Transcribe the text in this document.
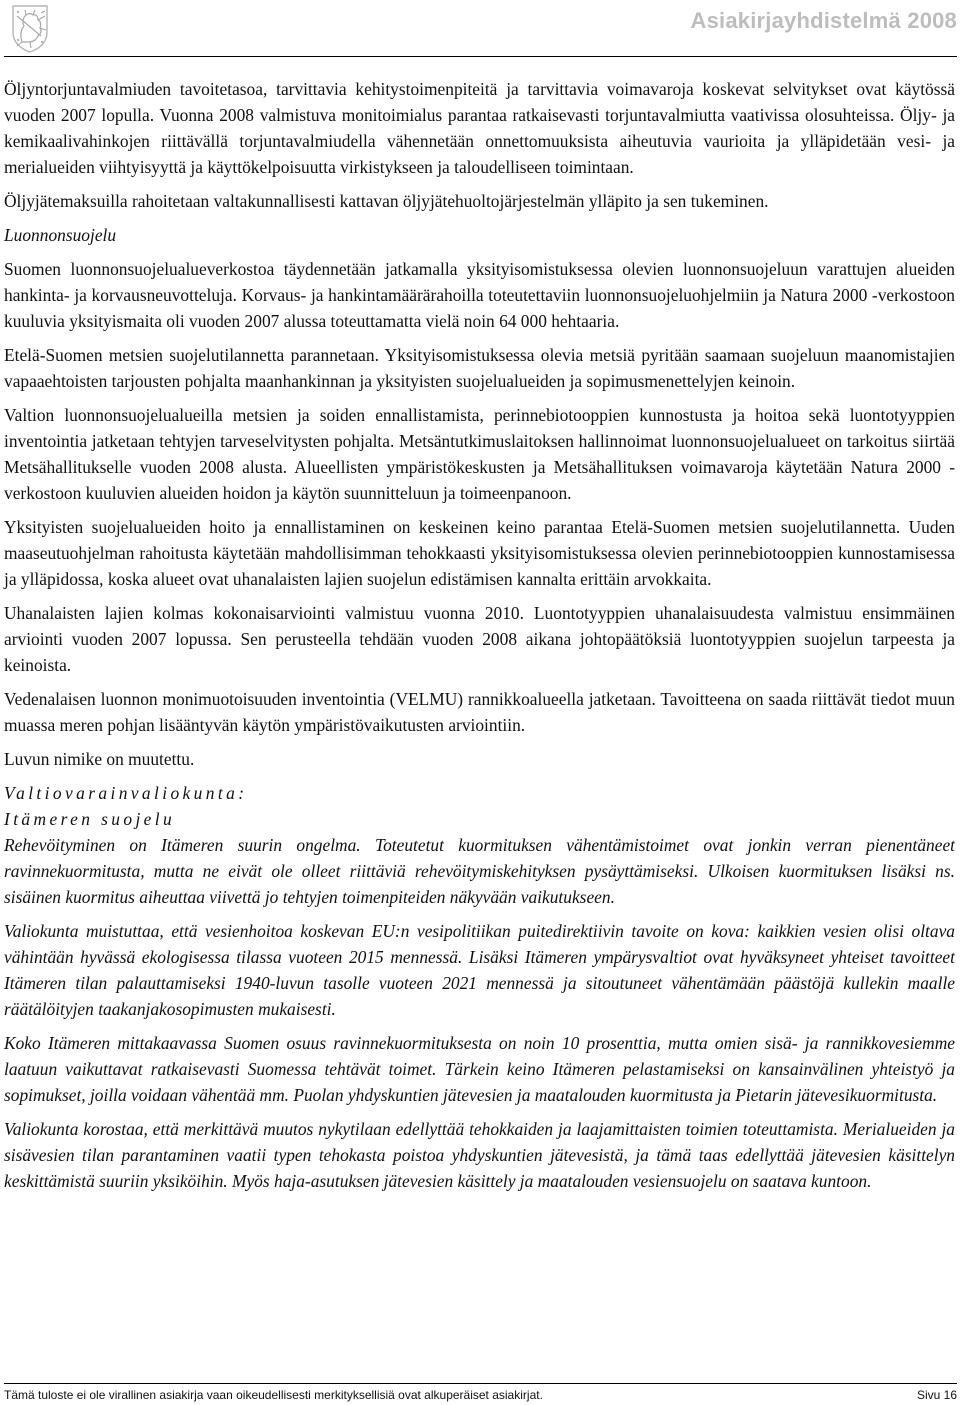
Asiakirjayhdistelmä 2008

Öljyntorjuntavalmiuden tavoitetasoa, tarvittavia kehitystoimenpiteitä ja tarvittavia voimavaroja koskevat selvitykset ovat käytössä vuoden 2007 lopulla. Vuonna 2008 valmistuva monitoimialus parantaa ratkaisevasti torjuntavalmiutta vaativissa olosuhteissa. Öljy- ja kemikaalivahinkojen riittävällä torjuntavalmiudella vähennetään onnettomuuksista aiheutuvia vaurioita ja ylläpidetään vesi- ja merialueiden viihtyisyyttä ja käyttökelpoisuutta virkistykseen ja taloudelliseen toimintaan.

Öljyjätemaksuilla rahoitetaan valtakunnallisesti kattavan öljyjätehuoltojärjestelmän ylläpito ja sen tukeminen.

Luonnonsuojelu

Suomen luonnonsuojelualueverkostoa täydennetään jatkamalla yksityisomistuksessa olevien luonnonsuojeluun varattujen alueiden hankinta- ja korvausneuvotteluja. Korvaus- ja hankintamäärärahoilla toteutettaviin luonnonsuojeluohjelmiin ja Natura 2000 -verkostoon kuuluvia yksityismaita oli vuoden 2007 alussa toteuttamatta vielä noin 64 000 hehtaaria.

Etelä-Suomen metsien suojelutilannetta parannetaan. Yksityisomistuksessa olevia metsiä pyritään saamaan suojeluun maanomistajien vapaaehtoisten tarjousten pohjalta maanhankinnan ja yksityisten suojelualueiden ja sopimusmenettelyjen keinoin.

Valtion luonnonsuojelualueilla metsien ja soiden ennallistamista, perinnebiotooppien kunnostusta ja hoitoa sekä luontotyyppien inventointia jatketaan tehtyjen tarveselvitysten pohjalta. Metsäntutkimuslaitoksen hallinnoimat luonnonsuojelualueet on tarkoitus siirtää Metsähallitukselle vuoden 2008 alusta. Alueellisten ympäristökeskusten ja Metsähallituksen voimavaroja käytetään Natura 2000 -verkostoon kuuluvien alueiden hoidon ja käytön suunnitteluun ja toimeenpanoon.

Yksityisten suojelualueiden hoito ja ennallistaminen on keskeinen keino parantaa Etelä-Suomen metsien suojelutilannetta. Uuden maaseutuohjelman rahoitusta käytetään mahdollisimman tehokkaasti yksityisomistuksessa olevien perinnebiotooppien kunnostamisessa ja ylläpidossa, koska alueet ovat uhanalaisten lajien suojelun edistämisen kannalta erittäin arvokkaita.

Uhanalaisten lajien kolmas kokonaisarviointi valmistuu vuonna 2010. Luontotyyppien uhanalaisuudesta valmistuu ensimmäinen arviointi vuoden 2007 lopussa. Sen perusteella tehdään vuoden 2008 aikana johtopäätöksiä luontotyyppien suojelun tarpeesta ja keinoista.

Vedenalaisen luonnon monimuotoisuuden inventointia (VELMU) rannikkoalueella jatketaan. Tavoitteena on saada riittävät tiedot muun muassa meren pohjan lisääntyvän käytön ympäristövaikutusten arviointiin.

Luvun nimike on muutettu.

Valtiovarainvaliokunta:

Itämeren suojelu

Rehevöityminen on Itämeren suurin ongelma. Toteutetut kuormituksen vähentämistoimet ovat jonkin verran pienentäneet ravinnekuormitusta, mutta ne eivät ole olleet riittäviä rehevöitymiskehityksen pysäyttämiseksi. Ulkoisen kuormituksen lisäksi ns. sisäinen kuormitus aiheuttaa viivettä jo tehtyjen toimenpiteiden näkyvään vaikutukseen.

Valiokunta muistuttaa, että vesienhoitoa koskevan EU:n vesipolitiikan puitedirektiivin tavoite on kova: kaikkien vesien olisi oltava vähintään hyvässä ekologisessa tilassa vuoteen 2015 mennessä. Lisäksi Itämeren ympärysvaltiot ovat hyväksyneet yhteiset tavoitteet Itämeren tilan palauttamiseksi 1940-luvun tasolle vuoteen 2021 mennessä ja sitoutuneet vähentämään päästöjä kullekin maalle räätälöityjen taakanjakosopimusten mukaisesti.

Koko Itämeren mittakaavassa Suomen osuus ravinnekuormituksesta on noin 10 prosenttia, mutta omien sisä- ja rannikkovesiemme laatuun vaikuttavat ratkaisevasti Suomessa tehtävät toimet. Tärkein keino Itämeren pelastamiseksi on kansainvälinen yhteistyö ja sopimukset, joilla voidaan vähentää mm. Puolan yhdyskuntien jätevesien ja maatalouden kuormitusta ja Pietarin jätevesikuormitusta.

Valiokunta korostaa, että merkittävä muutos nykytilaan edellyttää tehokkaiden ja laajamittaisten toimien toteuttamista. Merialueiden ja sisävesien tilan parantaminen vaatii typen tehokasta poistoa yhdyskuntien jätevesistä, ja tämä taas edellyttää jätevesien käsittelyn keskittämistä suuriin yksiköihin. Myös haja-asutuksen jätevesien käsittely ja maatalouden vesiensuojelu on saatava kuntoon.

Tämä tuloste ei ole virallinen asiakirja vaan oikeudellisesti merkityksellisiä ovat alkuperäiset asiakirjat.	Sivu 16
